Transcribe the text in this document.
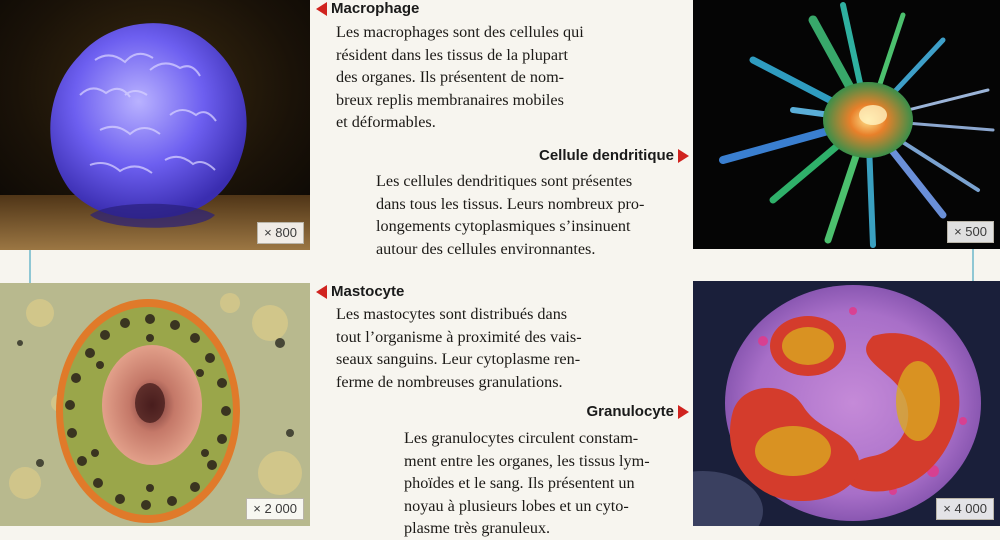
× 800
Macrophage

Les macrophages sont des cellules qui
résident dans les tissus de la plupart
des organes. Ils présentent de nom-
breux replis membranaires mobiles
et déformables.

× 500
Cellule dendritique

Les cellules dendritiques sont présentes
dans tous les tissus. Leurs nombreux pro-
longements cytoplasmiques s’insinuent
autour des cellules environnantes.

× 2 000
Mastocyte

Les mastocytes sont distribués dans
tout l’organisme à proximité des vais-
seaux sanguins. Leur cytoplasme ren-
ferme de nombreuses granulations.

× 4 000
Granulocyte

Les granulocytes circulent constam-
ment entre les organes, les tissus lym-
phoïdes et le sang. Ils présentent un
noyau à plusieurs lobes et un cyto-
plasme très granuleux.
